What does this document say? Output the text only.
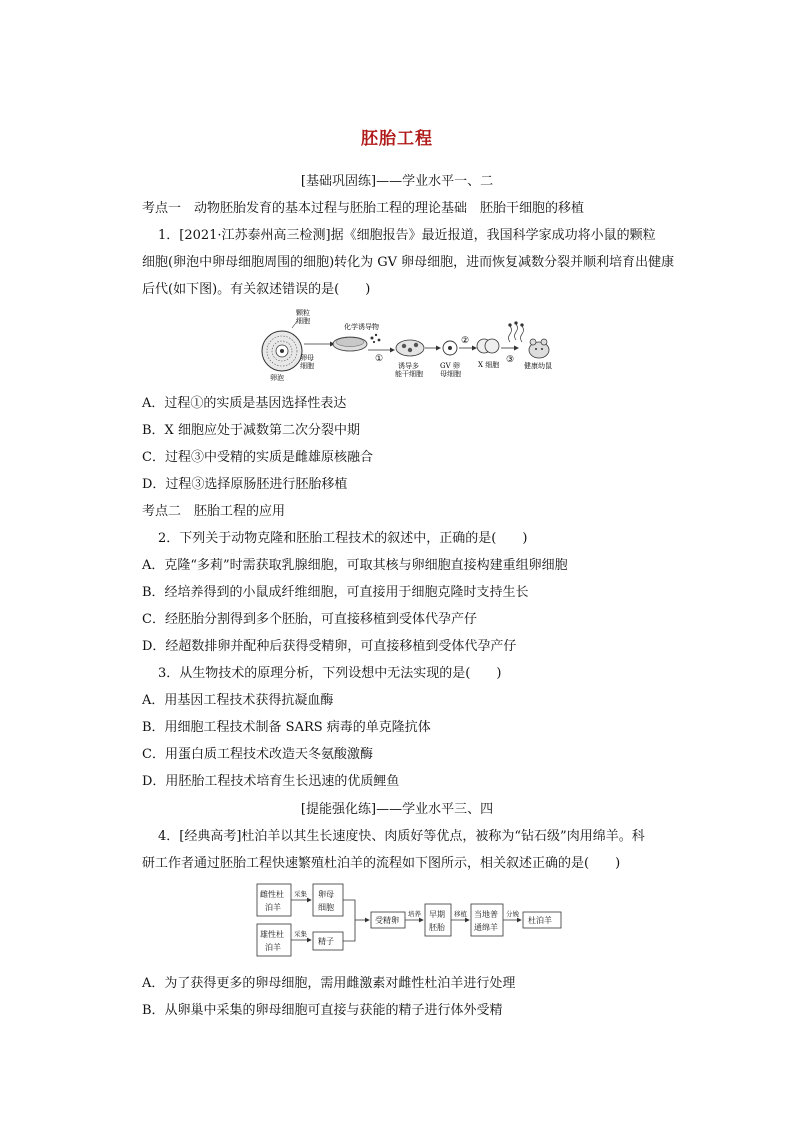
胚胎工程
[基础巩固练]——学业水平一、二
考点一　动物胚胎发育的基本过程与胚胎工程的理论基础　胚胎干细胞的移植
1．[2021·江苏泰州高三检测]据《细胞报告》最近报道，我国科学家成功将小鼠的颗粒
细胞(卵泡中卵母细胞周围的细胞)转化为 GV 卵母细胞，进而恢复减数分裂并顺利培育出健康
后代(如下图)。有关叙述错误的是(　　)
颗粒
细胞
卵母
细胞
卵泡
化学诱导物
①
诱导多
能干细胞
GV 卵
母细胞
②
X 细胞 ③
健康幼鼠
A．过程①的实质是基因选择性表达
B．X 细胞应处于减数第二次分裂中期
C．过程③中受精的实质是雌雄原核融合
D．过程③选择原肠胚进行胚胎移植
考点二　胚胎工程的应用
2．下列关于动物克隆和胚胎工程技术的叙述中，正确的是(　　)
A．克隆“多莉”时需获取乳腺细胞，可取其核与卵细胞直接构建重组卵细胞
B．经培养得到的小鼠成纤维细胞，可直接用于细胞克隆时支持生长
C．经胚胎分割得到多个胚胎，可直接移植到受体代孕产仔
D．经超数排卵并配种后获得受精卵，可直接移植到受体代孕产仔
3．从生物技术的原理分析，下列设想中无法实现的是(　　)
A．用基因工程技术获得抗凝血酶
B．用细胞工程技术制备 SARS 病毒的单克隆抗体
C．用蛋白质工程技术改造天冬氨酸激酶
D．用胚胎工程技术培育生长迅速的优质鲤鱼
[提能强化练]——学业水平三、四
4．[经典高考]杜泊羊以其生长速度快、肉质好等优点，被称为“钻石级”肉用绵羊。科
研工作者通过胚胎工程快速繁殖杜泊羊的流程如下图所示，相关叙述正确的是(　　)
雌性杜
泊羊
雄性杜
泊羊
采集
采集
卵母
细胞
精子
受精卵
培养 早期
胚胎
移植 当地普
通绵羊
分娩
杜泊羊
A．为了获得更多的卵母细胞，需用雌激素对雌性杜泊羊进行处理
B．从卵巢中采集的卵母细胞可直接与获能的精子进行体外受精
